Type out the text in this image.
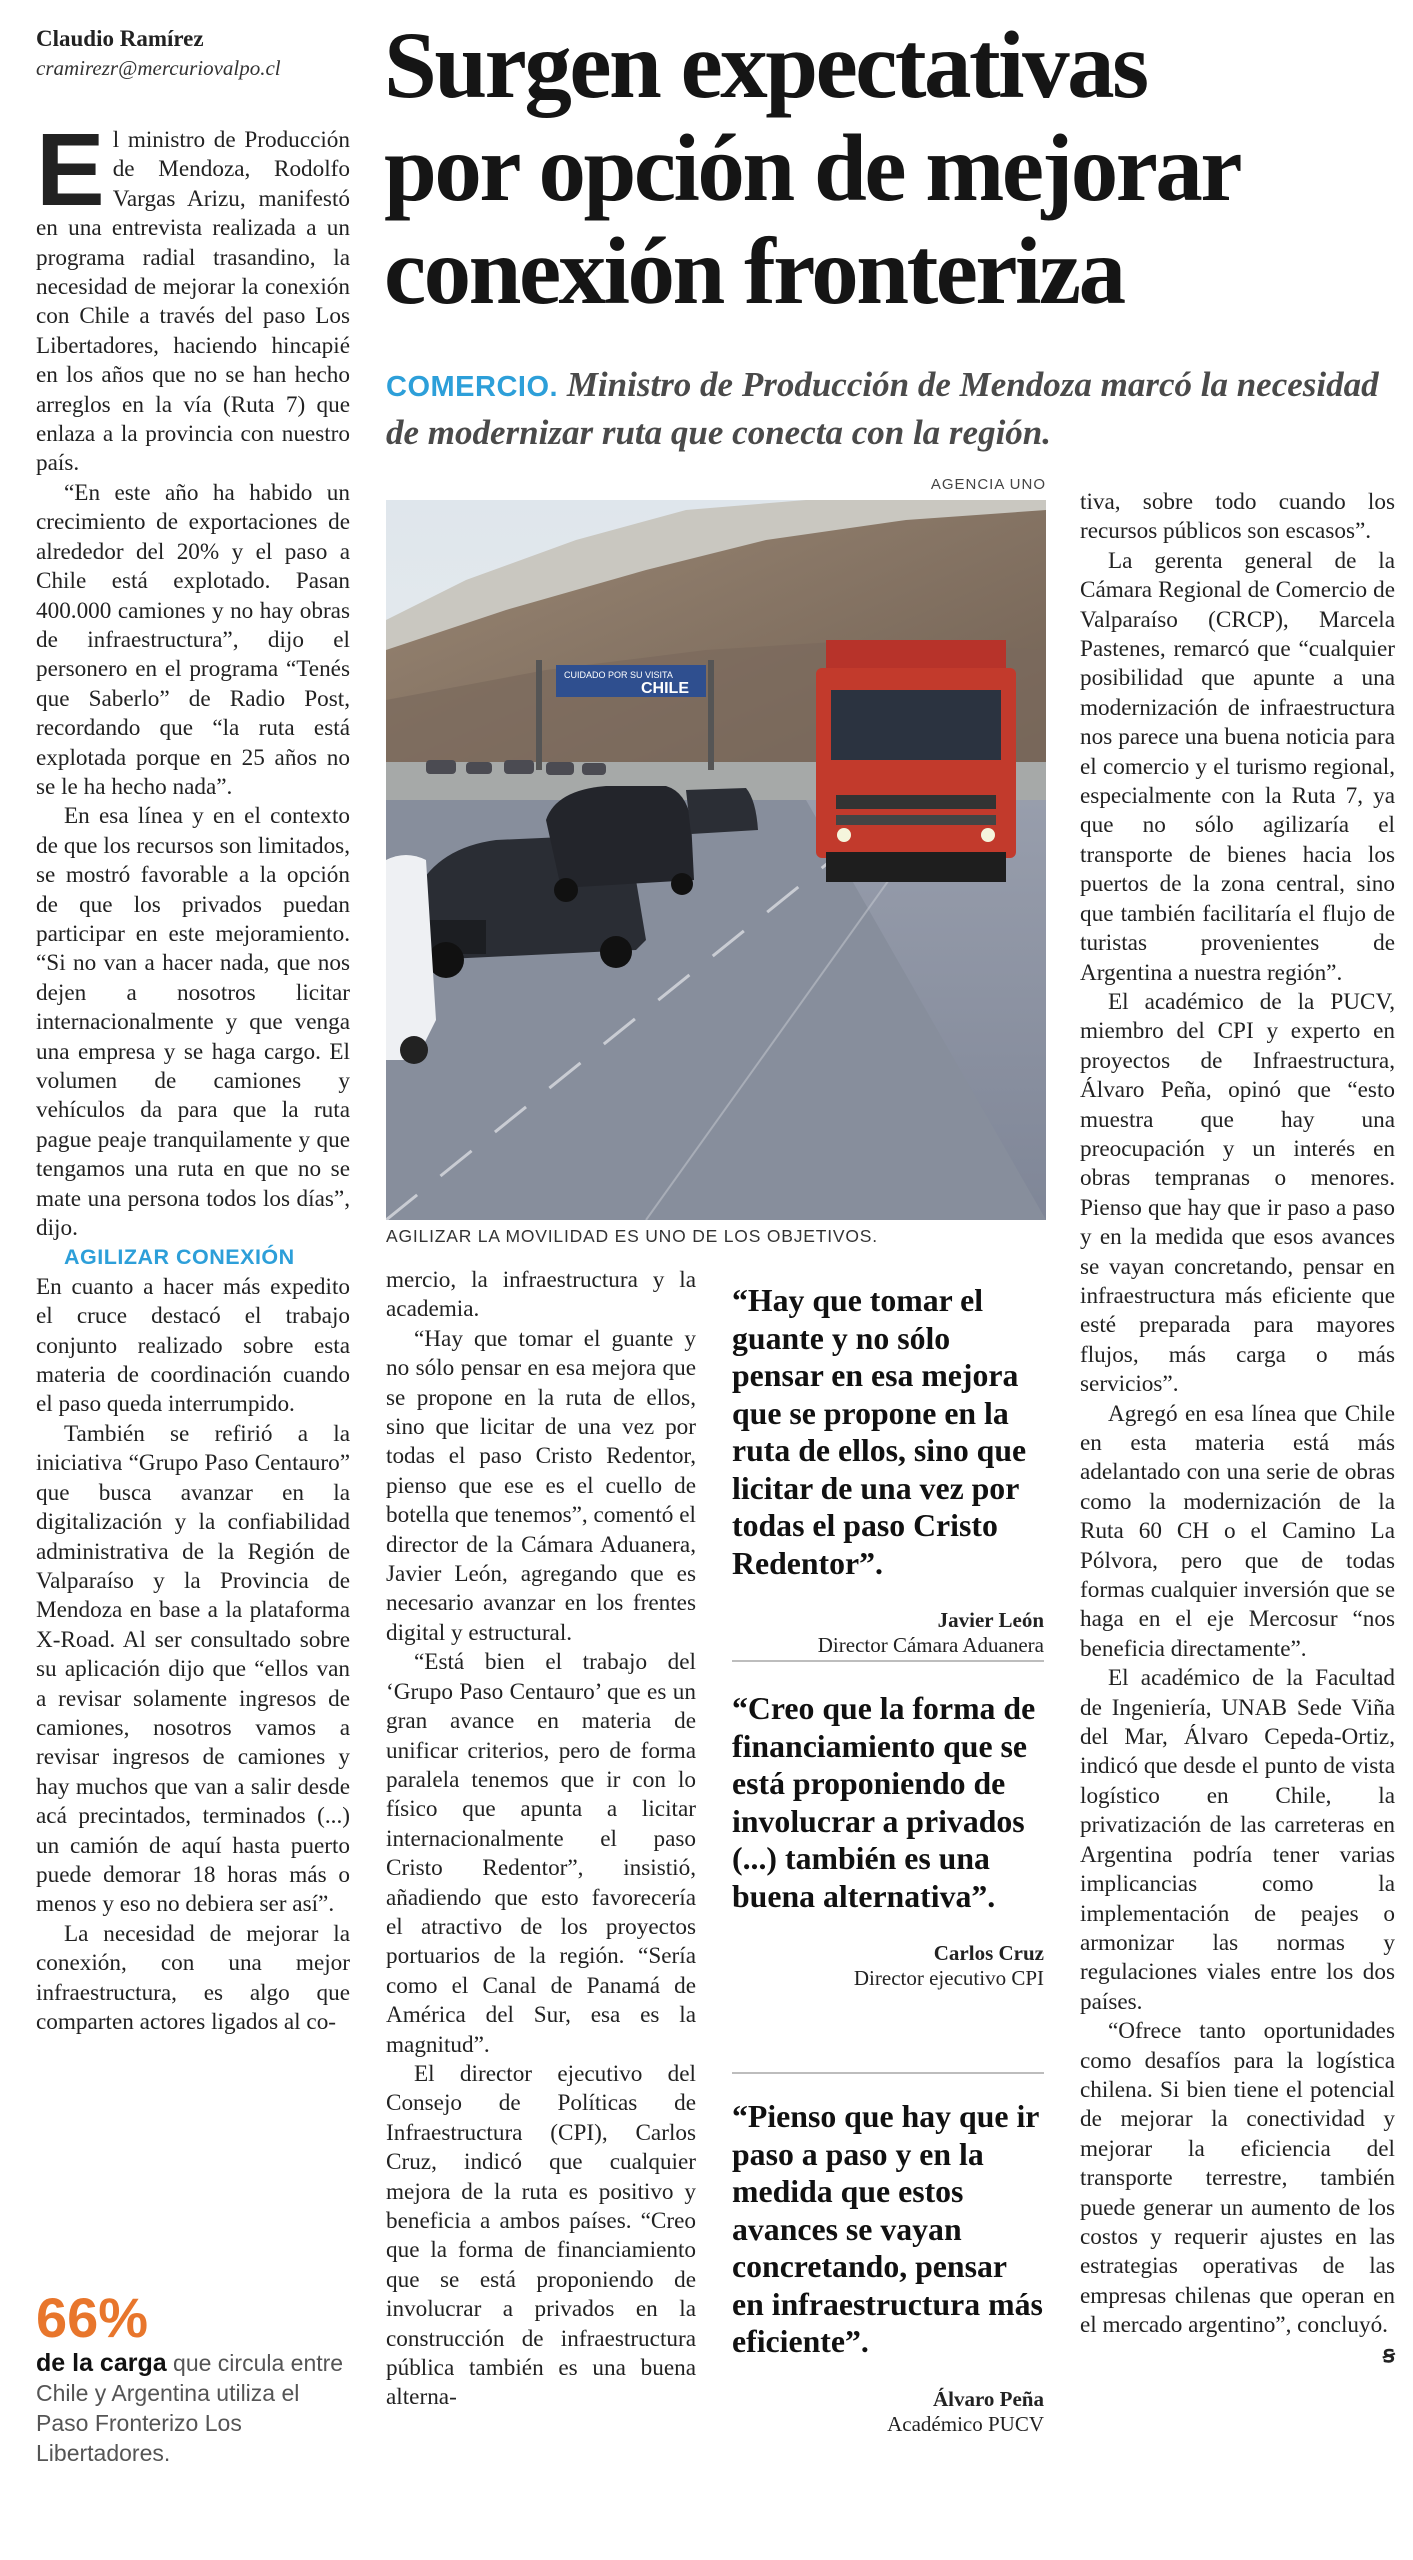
Claudio Ramírez
cramirezr@mercuriovalpo.cl	Surgen expectativas
por opción de mejorar
conexión fronteriza
COMERCIO. Ministro de Producción de Mendoza marcó la necesidad de modernizar ruta que conecta con la región.
AGENCIA UNO
CUIDADO POR SU VISITA
CHILE
AGILIZAR LA MOVILIDAD ES UNO DE LOS OBJETIVOS.

El ministro de Producción de Mendoza, Rodolfo Vargas Arizu, manifestó en una entrevista realizada a un programa radial trasandino, la necesidad de mejorar la conexión con Chile a través del paso Los Libertadores, haciendo hincapié en los años que no se han hecho arreglos en la vía (Ruta 7) que enlaza a la provincia con nuestro país.

“En este año ha habido un crecimiento de exportaciones de alrededor del 20% y el paso a Chile está explotado. Pasan 400.000 camiones y no hay obras de infraestructura”, dijo el personero en el programa “Tenés que Saberlo” de Radio Post, recordando que “la ruta está explotada porque en 25 años no se le ha hecho nada”.

En esa línea y en el contexto de que los recursos son limitados, se mostró favorable a la opción de que los privados puedan participar en este mejoramiento. “Si no van a hacer nada, que nos dejen a nosotros licitar internacionalmente y que venga una empresa y se haga cargo. El volumen de camiones y vehículos da para que la ruta pague peaje tranquilamente y que tengamos una ruta en que no se mate una persona todos los días”, dijo.

AGILIZAR CONEXIÓN

En cuanto a hacer más expedito el cruce destacó el trabajo conjunto realizado sobre esta materia de coordinación cuando el paso queda interrumpido.

También se refirió a la iniciativa “Grupo Paso Centauro” que busca avanzar en la digitalización y la confiabilidad administrativa de la Región de Valparaíso y la Provincia de Mendoza en base a la plataforma X-Road. Al ser consultado sobre su aplicación dijo que “ellos van a revisar solamente ingresos de camiones, nosotros vamos a revisar ingresos de camiones y hay muchos que van a salir desde acá precintados, terminados (...) un camión de aquí hasta puerto puede demorar 18 horas más o menos y eso no debiera ser así”.

La necesidad de mejorar la conexión, con una mejor infraestructura, es algo que comparten actores ligados al co-

66%
de la carga que circula entre Chile y Argentina utiliza el Paso Fronterizo Los Libertadores.

mercio, la infraestructura y la academia.

“Hay que tomar el guante y no sólo pensar en esa mejora que se propone en la ruta de ellos, sino que licitar de una vez por todas el paso Cristo Redentor, pienso que ese es el cuello de botella que tenemos”, comentó el director de la Cámara Aduanera, Javier León, agregando que es necesario avanzar en los frentes digital y estructural.

“Está bien el trabajo del ‘Grupo Paso Centauro’ que es un gran avance en materia de unificar criterios, pero de forma paralela tenemos que ir con lo físico que apunta a licitar internacionalmente el paso Cristo Redentor”, insistió, añadiendo que esto favorecería el atractivo de los proyectos portuarios de la región. “Sería como el Canal de Panamá de América del Sur, esa es la magnitud”.

El director ejecutivo del Consejo de Políticas de Infraestructura (CPI), Carlos Cruz, indicó que cualquier mejora de la ruta es positivo y beneficia a ambos países. “Creo que la forma de financiamiento que se está proponiendo de involucrar a privados en la construcción de infraestructura pública también es una buena alterna-

“Hay que tomar el guante y no sólo pensar en esa mejora que se propone en la ruta de ellos, sino que licitar de una vez por todas el paso Cristo Redentor”.
Javier León
Director Cámara Aduanera
“Creo que la forma de financiamiento que se está proponiendo de involucrar a privados (...) también es una buena alternativa”.
Carlos Cruz
Director ejecutivo CPI
“Pienso que hay que ir paso a paso y en la medida que estos avances se vayan concretando, pensar en infraestructura más eficiente”.
Álvaro Peña
Académico PUCV

tiva, sobre todo cuando los recursos públicos son escasos”.

La gerenta general de la Cámara Regional de Comercio de Valparaíso (CRCP), Marcela Pastenes, remarcó que “cualquier posibilidad que apunte a una modernización de infraestructura nos parece una buena noticia para el comercio y el turismo regional, especialmente con la Ruta 7, ya que no sólo agilizaría el transporte de bienes hacia los puertos de la zona central, sino que también facilitaría el flujo de turistas provenientes de Argentina a nuestra región”.

El académico de la PUCV, miembro del CPI y experto en proyectos de Infraestructura, Álvaro Peña, opinó que “esto muestra que hay una preocupación y un interés en obras tempranas o menores. Pienso que hay que ir paso a paso y en la medida que esos avances se vayan concretando, pensar en infraestructura más eficiente que esté preparada para mayores flujos, más carga o más servicios”.

Agregó en esa línea que Chile en esta materia está más adelantado con una serie de obras como la modernización de la Ruta 60 CH o el Camino La Pólvora, pero que de todas formas cualquier inversión que se haga en el eje Mercosur “nos beneficia directamente”.

El académico de la Facultad de Ingeniería, UNAB Sede Viña del Mar, Álvaro Cepeda-Ortiz, indicó que desde el punto de vista logístico en Chile, la privatización de las carreteras en Argentina podría tener varias implicancias como la implementación de peajes o armonizar las normas y regulaciones viales entre los dos países.

“Ofrece tanto oportunidades como desafíos para la logística chilena. Si bien tiene el potencial de mejorar la conectividad y mejorar la eficiencia del transporte terrestre, también puede generar un aumento de los costos y requerir ajustes en las estrategias operativas de las empresas chilenas que operan en el mercado argentino”, concluyó.
ꞩ
